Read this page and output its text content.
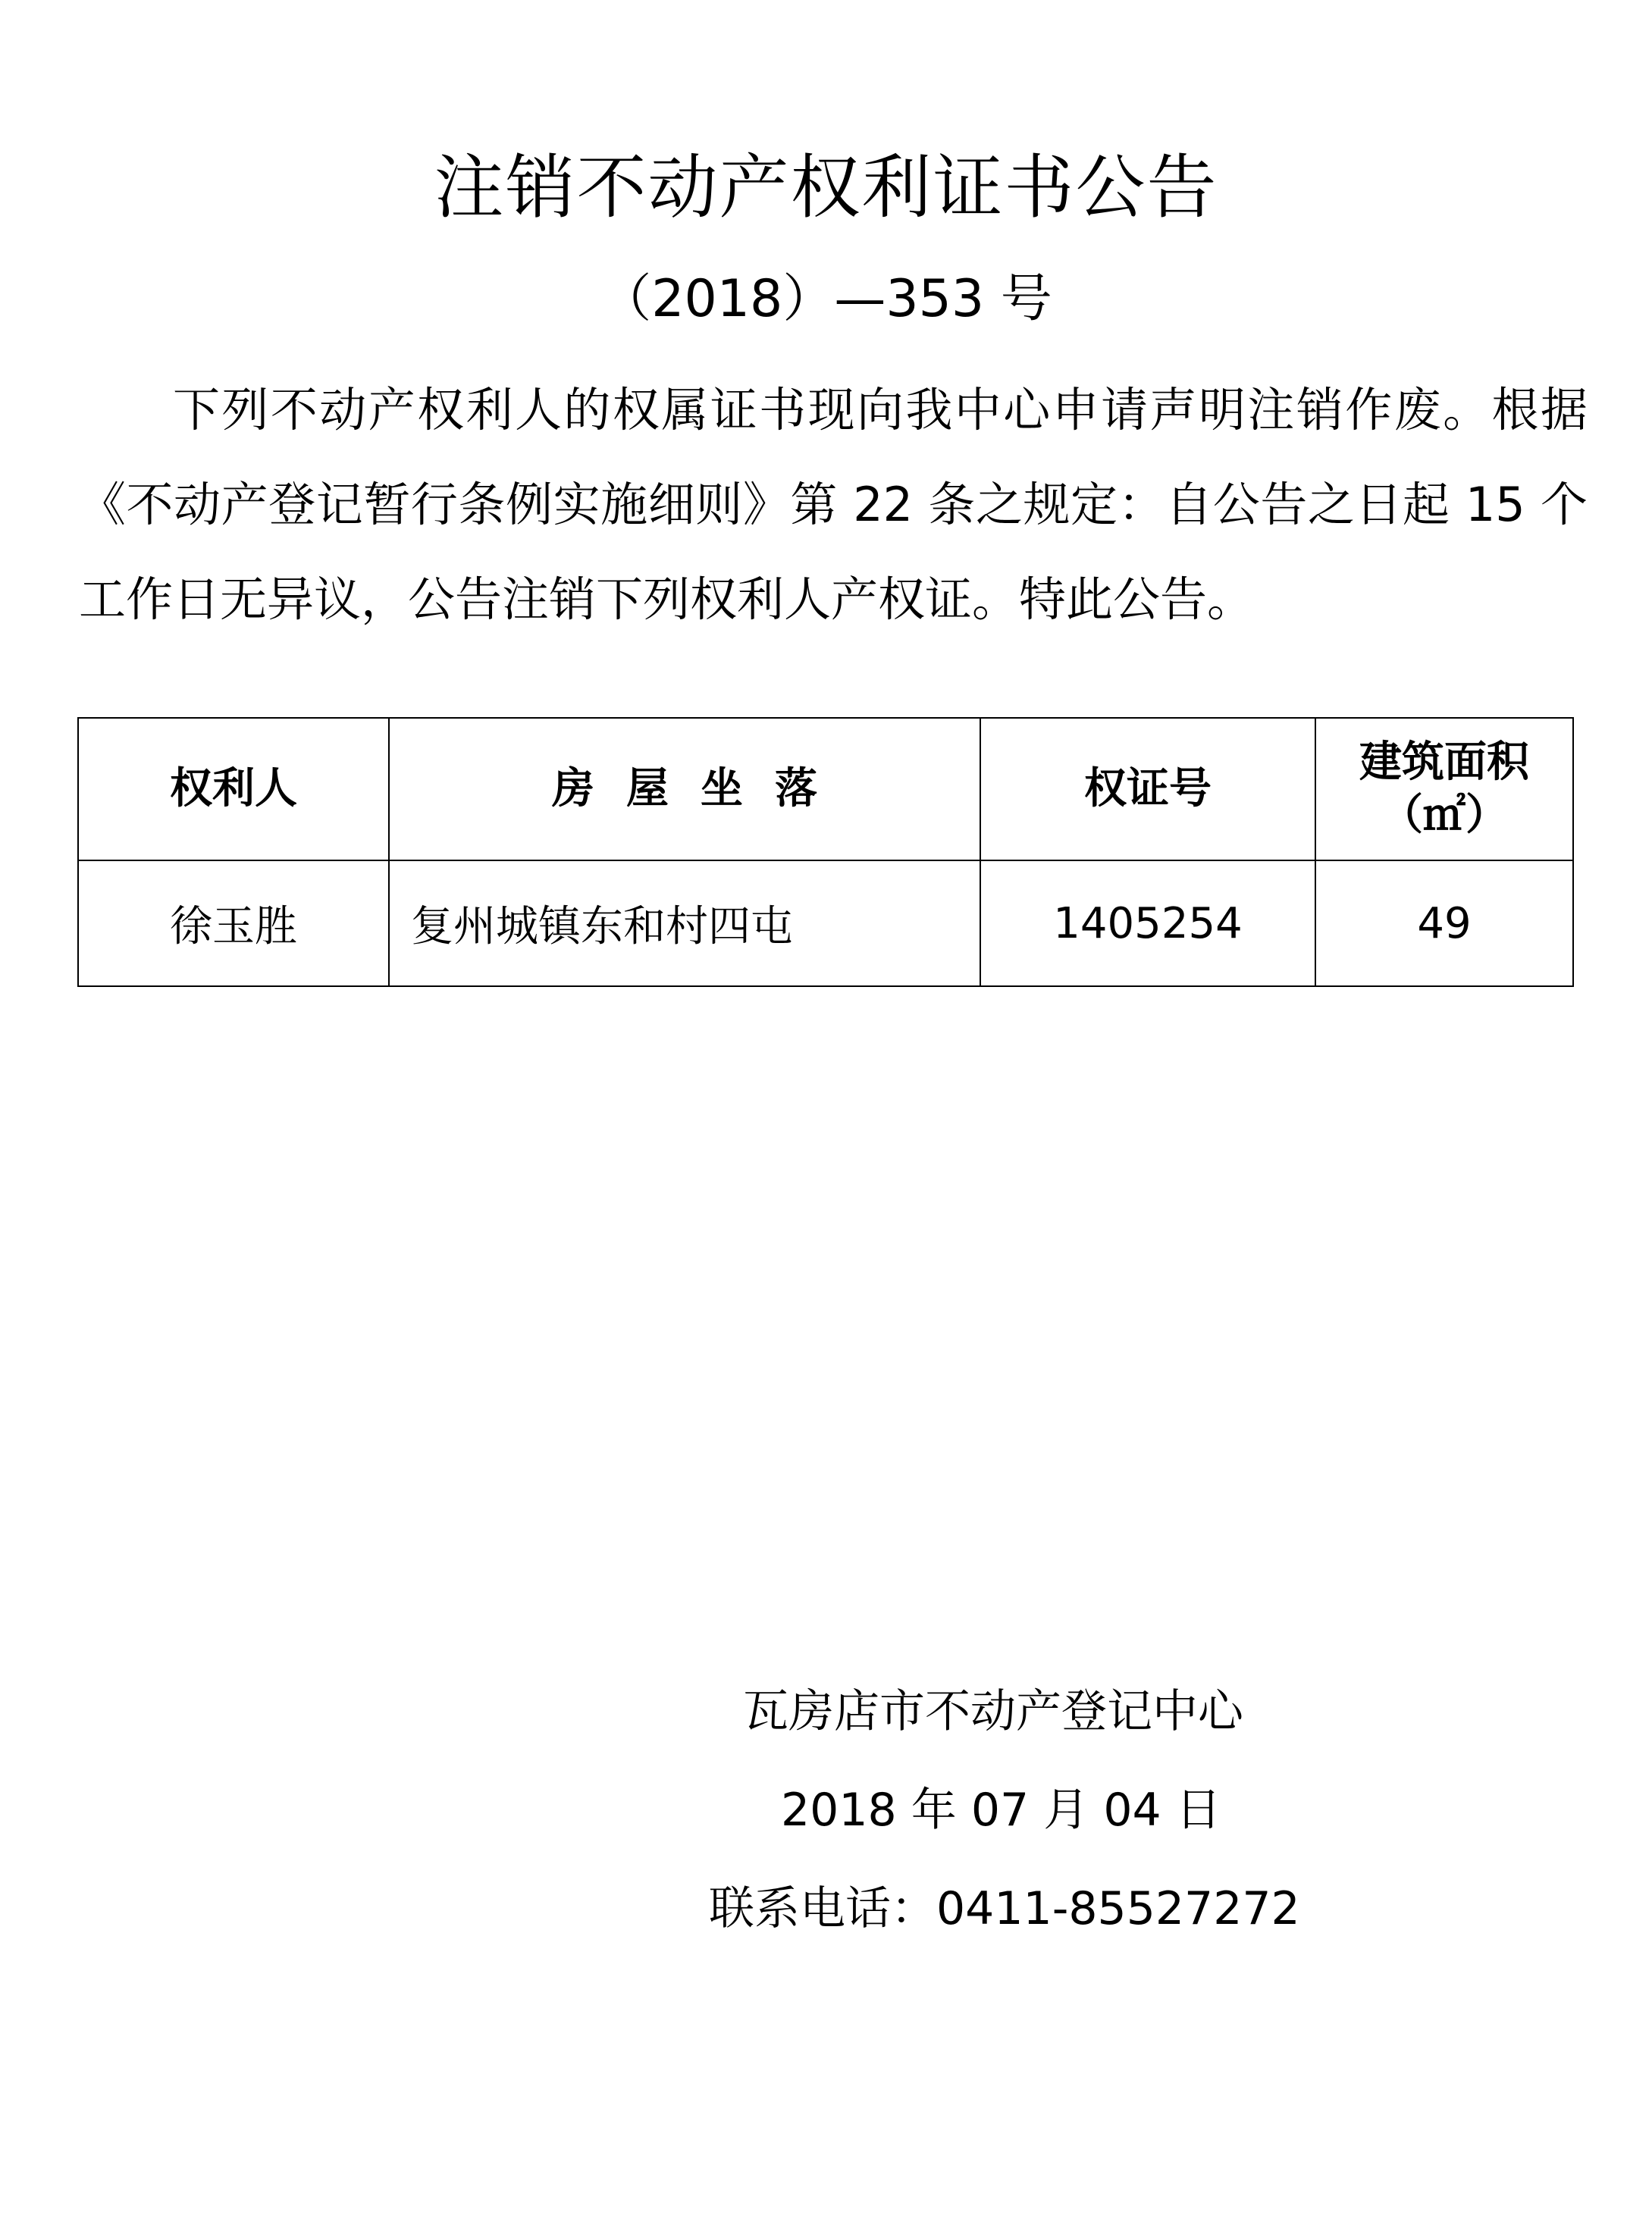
注销不动产权利证书公告
（2018）—353 号

下列不动产权利人的权属证书现向我中心申请声明注销作废。根据《不动产登记暂行条例实施细则》第 22 条之规定：自公告之日起 15 个工作日无异议，公告注销下列权利人产权证。特此公告。

权利人	房屋坐落	权证号	建筑面积
（㎡）

徐玉胜	复州城镇东和村四屯	1405254	49
瓦房店市不动产登记中心
2018 年 07 月 04 日
联系电话：0411-85527272
